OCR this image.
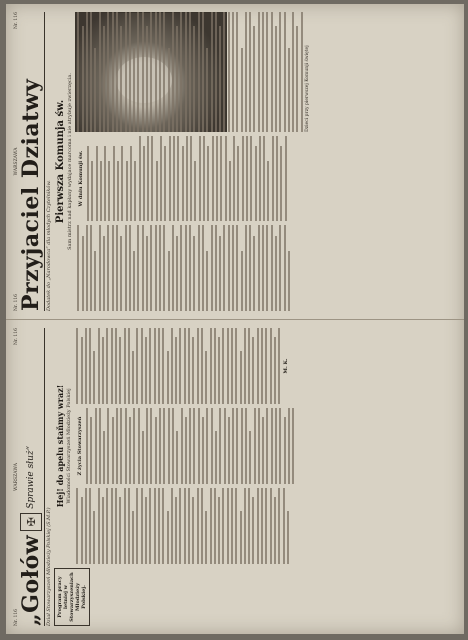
Nr. 116
WARSZAWA
Nr. 116
„Gołów
✠
Sprawie służ“
Dział Stowarzyszeń Młodzieży Polskiej (S.M.P.)	Program pracy letniej w Stowarzyszeniach Młodzieży Polskiej.
Hej! do apelu staňmy wraz! Wiadomości Stowarzyszeń Młodzieży Polskiej Z życia Stowarzyszeń
M. K.
Nr. 116
WARSZAWA
Nr. 116
Przyjaciel Dziatwy Dodatek do „Narodowca“ dla młodych Czytelników.
Pierwsza Komunja św. Sam mistrz nad kapłany wydajace marcoma i nie atrybuje zwierzęcia. W dniu Komunji św.
Dzieci przy pierwszej Komunji świętej
